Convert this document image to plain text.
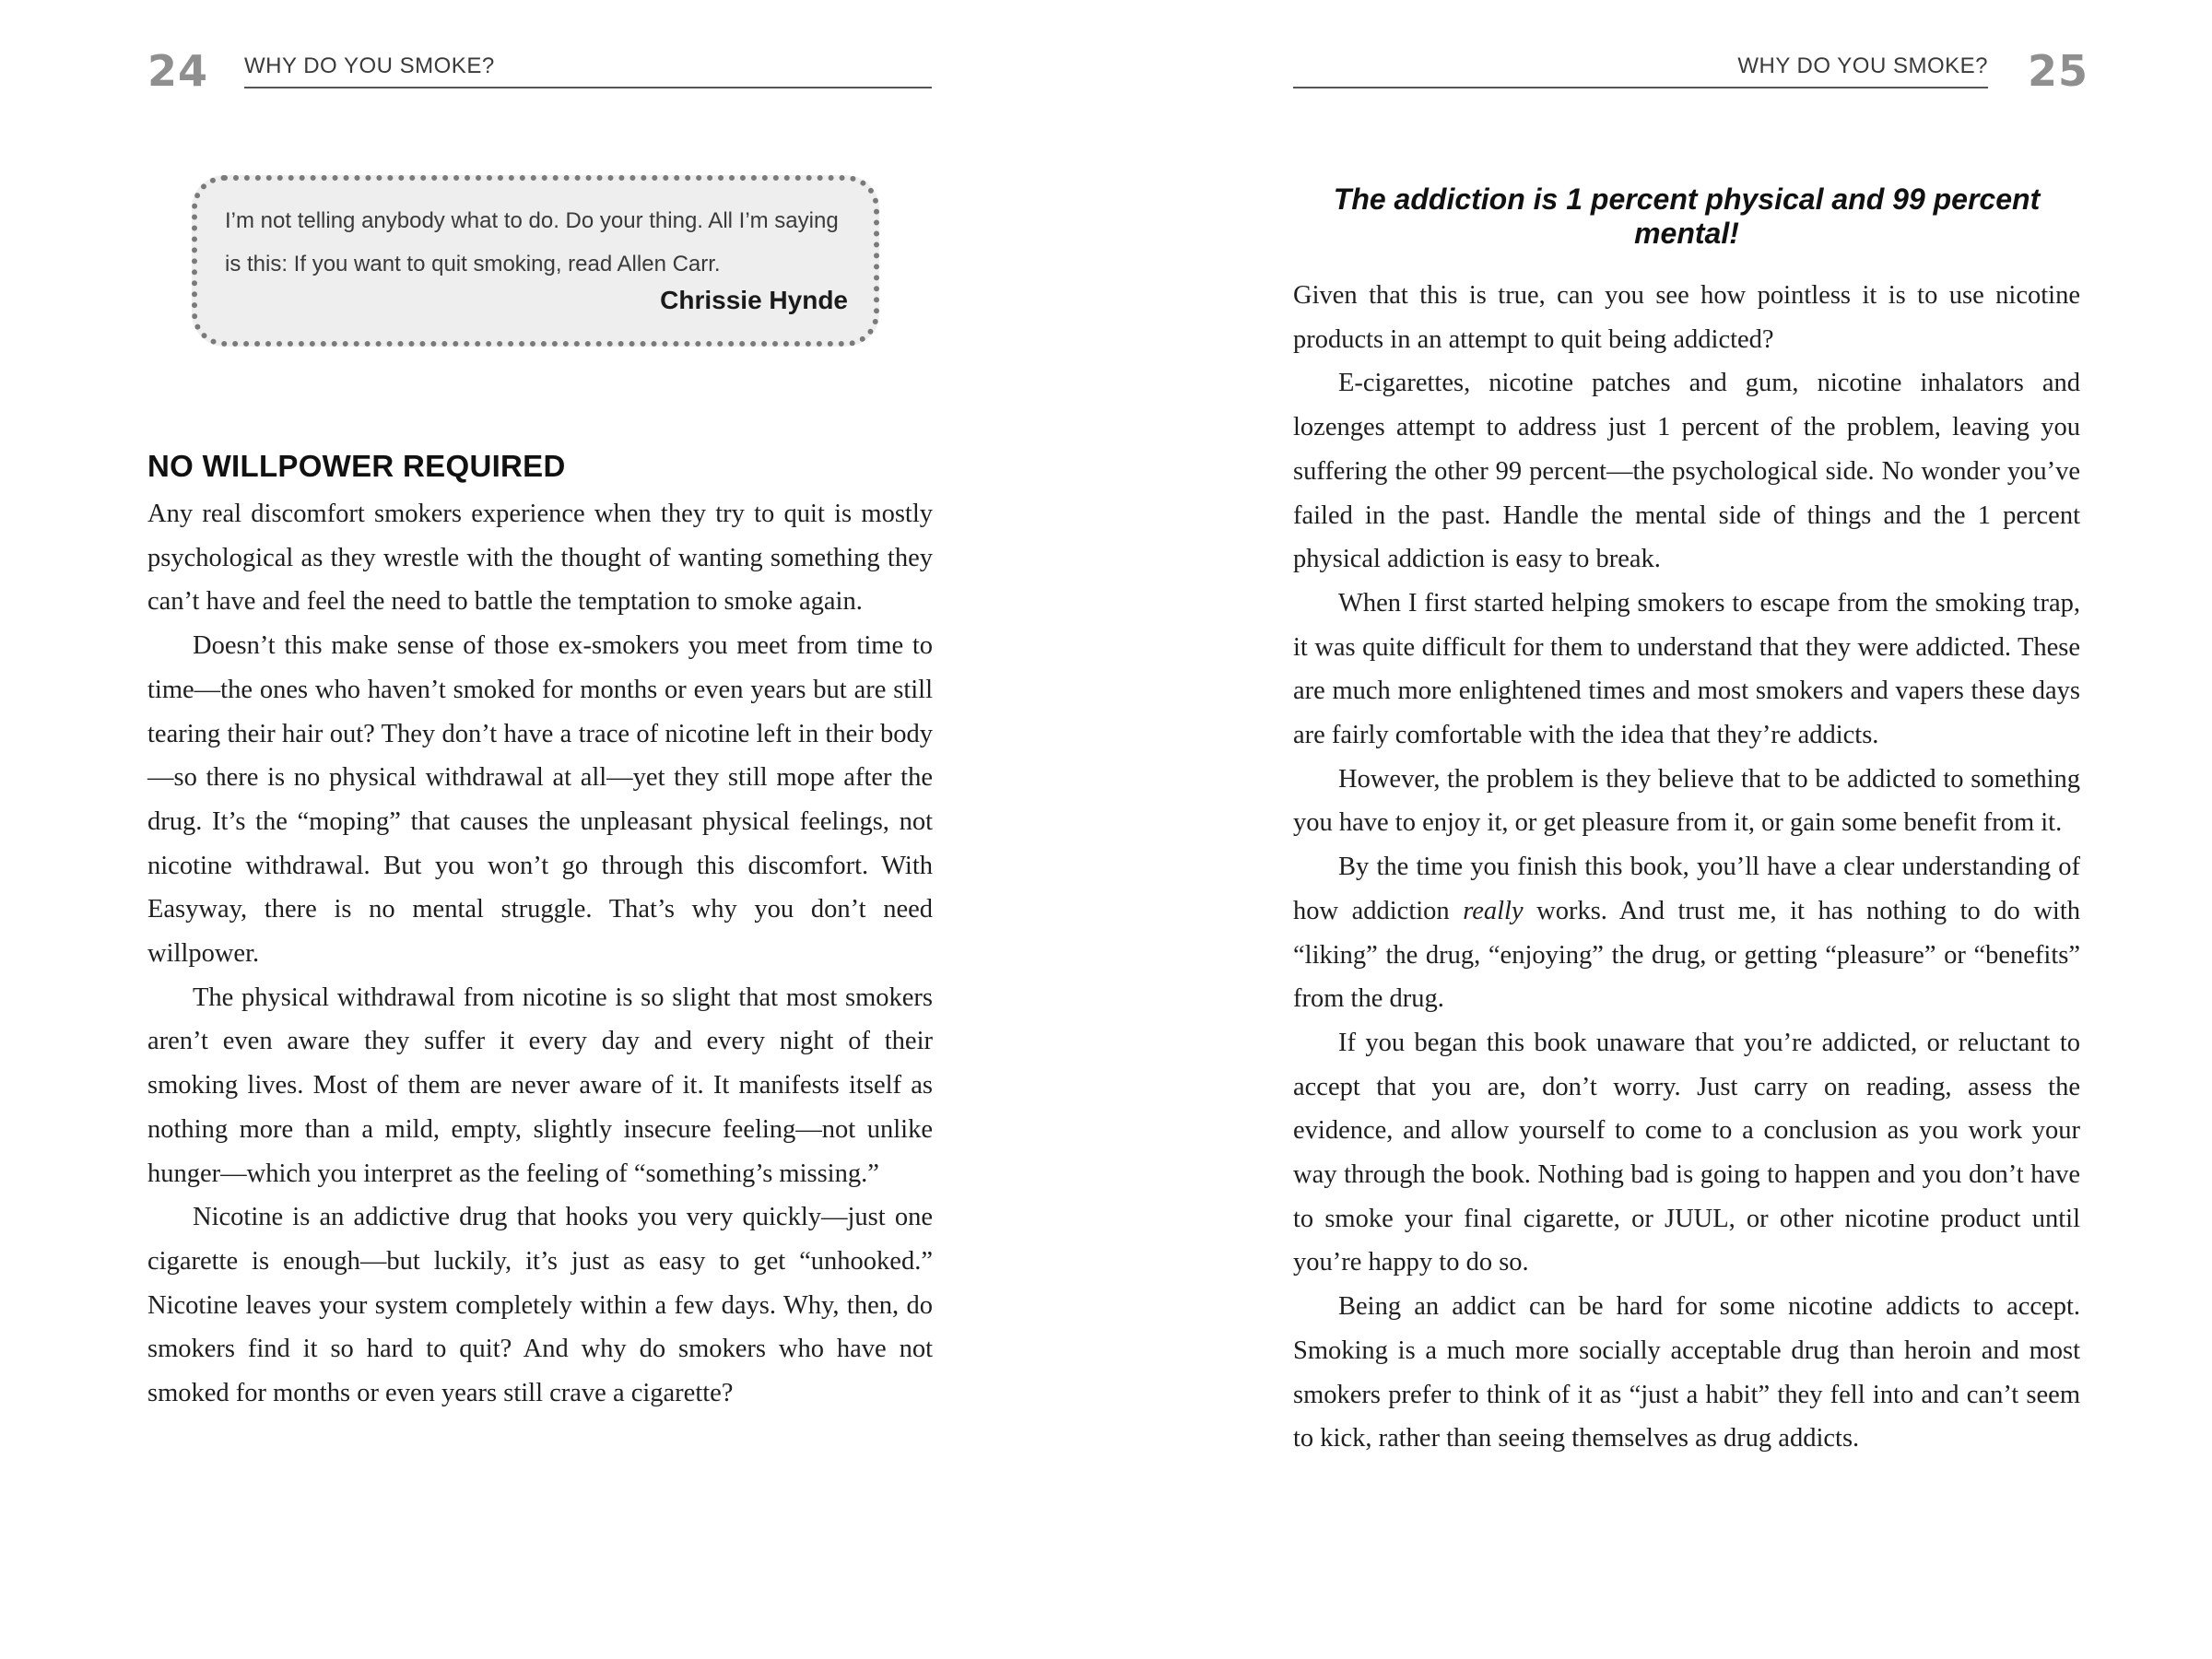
24 WHY DO YOU SMOKE?
I’m not telling anybody what to do. Do your thing. All I’m saying is this: If you want to quit smoking, read Allen Carr.
Chrissie Hynde
NO WILLPOWER REQUIRED

Any real discomfort smokers experience when they try to quit is mostly psychological as they wrestle with the thought of wanting something they can’t have and feel the need to battle the temptation to smoke again.

Doesn’t this make sense of those ex-smokers you meet from time to time—the ones who haven’t smoked for months or even years but are still tearing their hair out? They don’t have a trace of nicotine left in their body—so there is no physical withdrawal at all—yet they still mope after the drug. It’s the “moping” that causes the unpleasant physical feelings, not nicotine withdrawal. But you won’t go through this discomfort. With Easyway, there is no mental struggle. That’s why you don’t need willpower.

The physical withdrawal from nicotine is so slight that most smokers aren’t even aware they suffer it every day and every night of their smoking lives. Most of them are never aware of it. It manifests itself as nothing more than a mild, empty, slightly insecure feeling—not unlike hunger—which you interpret as the feeling of “something’s missing.”

Nicotine is an addictive drug that hooks you very quickly—just one cigarette is enough—but luckily, it’s just as easy to get “unhooked.” Nicotine leaves your system completely within a few days. Why, then, do smokers find it so hard to quit? And why do smokers who have not smoked for months or even years still crave a cigarette?

WHY DO YOU SMOKE? 25
The addiction is 1 percent physical and 99 percent mental!

Given that this is true, can you see how pointless it is to use nicotine products in an attempt to quit being addicted?

E-cigarettes, nicotine patches and gum, nicotine inhalators and lozenges attempt to address just 1 percent of the problem, leaving you suffering the other 99 percent—the psychological side. No wonder you’ve failed in the past. Handle the mental side of things and the 1 percent physical addiction is easy to break.

When I first started helping smokers to escape from the smoking trap, it was quite difficult for them to understand that they were addicted. These are much more enlightened times and most smokers and vapers these days are fairly comfortable with the idea that they’re addicts.

However, the problem is they believe that to be addicted to something you have to enjoy it, or get pleasure from it, or gain some benefit from it.

By the time you finish this book, you’ll have a clear understanding of how addiction really works. And trust me, it has nothing to do with “liking” the drug, “enjoying” the drug, or getting “pleasure” or “benefits” from the drug.

If you began this book unaware that you’re addicted, or reluctant to accept that you are, don’t worry. Just carry on reading, assess the evidence, and allow yourself to come to a conclusion as you work your way through the book. Nothing bad is going to happen and you don’t have to smoke your final cigarette, or JUUL, or other nicotine product until you’re happy to do so.

Being an addict can be hard for some nicotine addicts to accept. Smoking is a much more socially acceptable drug than heroin and most smokers prefer to think of it as “just a habit” they fell into and can’t seem to kick, rather than seeing themselves as drug addicts.
